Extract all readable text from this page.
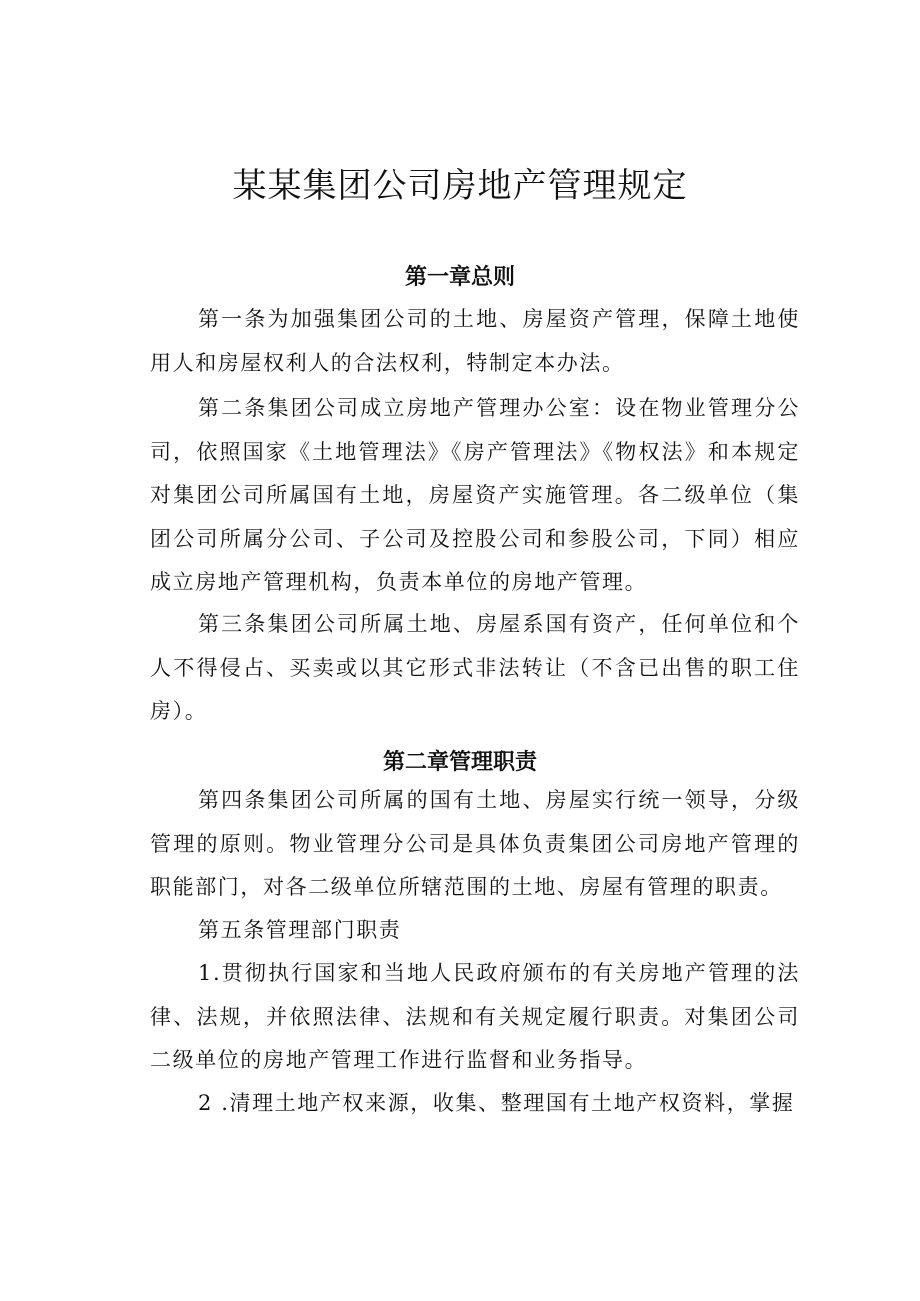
某某集团公司房地产管理规定
第一章总则

第一条为加强集团公司的土地、房屋资产管理，保障土地使用人和房屋权利人的合法权利，特制定本办法。

第二条集团公司成立房地产管理办公室：设在物业管理分公司，依照国家《土地管理法》《房产管理法》《物权法》和本规定对集团公司所属国有土地，房屋资产实施管理。各二级单位（集团公司所属分公司、子公司及控股公司和参股公司，下同）相应成立房地产管理机构，负责本单位的房地产管理。

第三条集团公司所属土地、房屋系国有资产，任何单位和个人不得侵占、买卖或以其它形式非法转让（不含已出售的职工住房）。

第二章管理职责

第四条集团公司所属的国有土地、房屋实行统一领导，分级管理的原则。物业管理分公司是具体负责集团公司房地产管理的职能部门，对各二级单位所辖范围的土地、房屋有管理的职责。

第五条管理部门职责

1.贯彻执行国家和当地人民政府颁布的有关房地产管理的法律、法规，并依照法律、法规和有关规定履行职责。对集团公司二级单位的房地产管理工作进行监督和业务指导。

2 .清理土地产权来源，收集、整理国有土地产权资料，掌握
